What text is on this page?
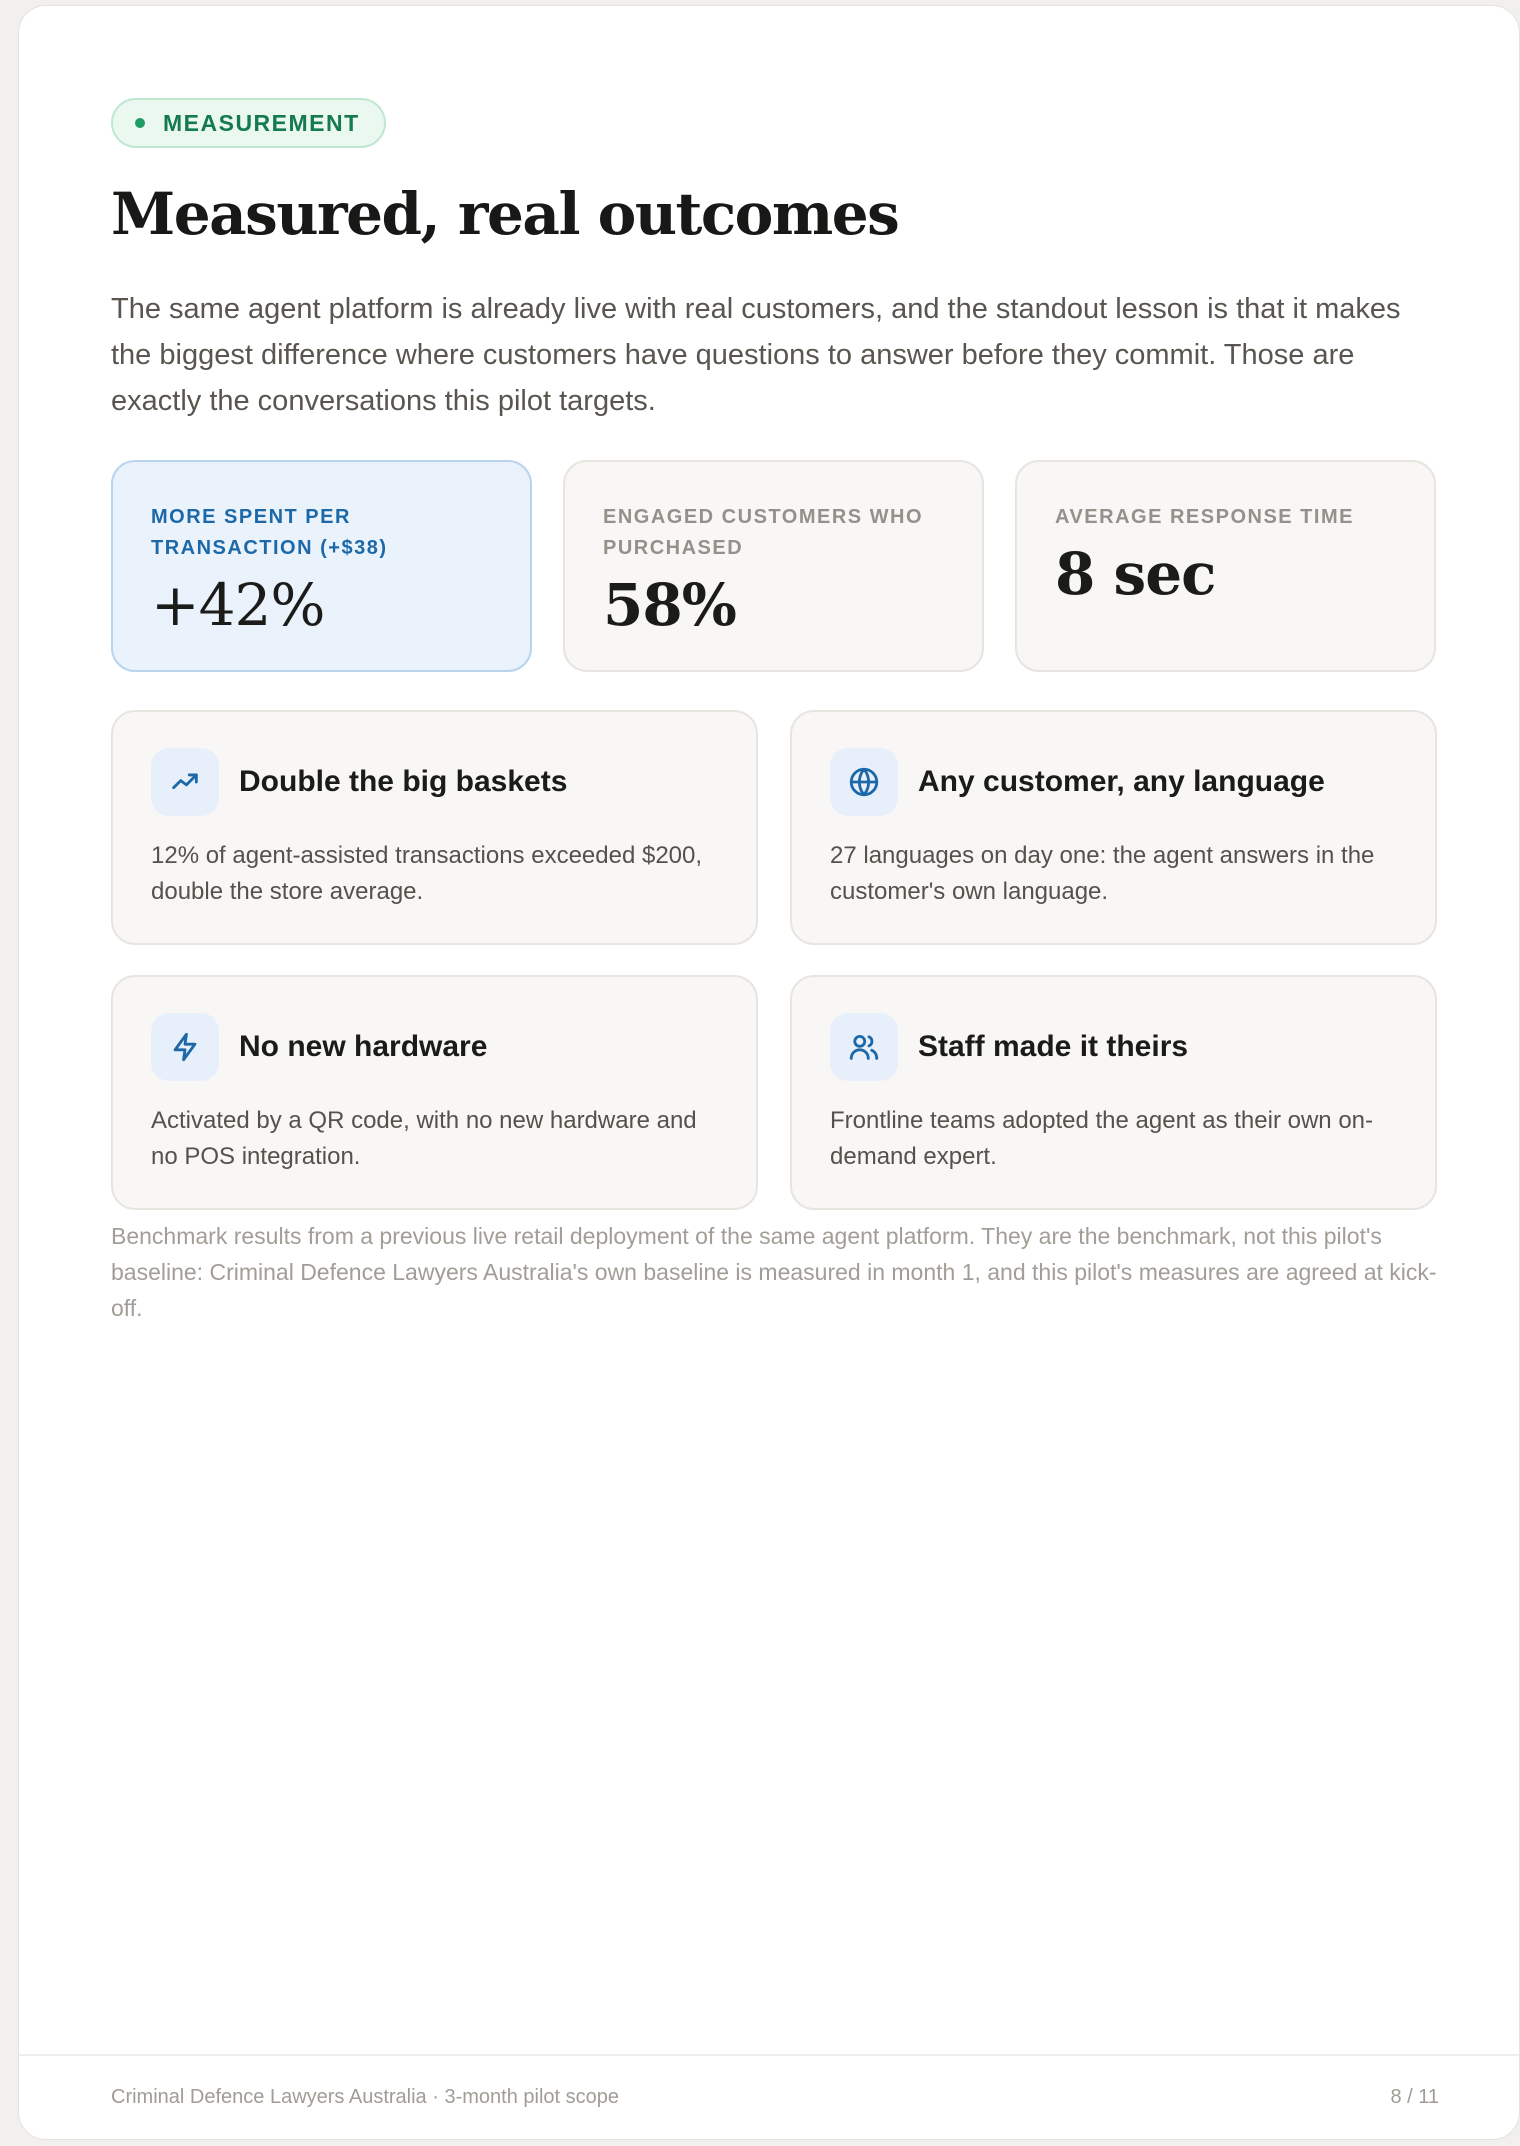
MEASUREMENT
Measured, real outcomes

The same agent platform is already live with real customers, and the standout lesson is that it makes the biggest difference where customers have questions to answer before they commit. Those are exactly the conversations this pilot targets.

MORE SPENT PER TRANSACTION (+$38)
+42%
ENGAGED CUSTOMERS WHO PURCHASED
58%
AVERAGE RESPONSE TIME
8 sec
Double the big baskets
12% of agent-assisted transactions exceeded $200, double the store average.
Any customer, any language
27 languages on day one: the agent answers in the customer's own language.
No new hardware
Activated by a QR code, with no new hardware and no POS integration.
Staff made it theirs
Frontline teams adopted the agent as their own on-demand expert.
Benchmark results from a previous live retail deployment of the same agent platform. They are the benchmark, not this pilot's baseline: Criminal Defence Lawyers Australia's own baseline is measured in month 1, and this pilot's measures are agreed at kick-off.
Criminal Defence Lawyers Australia · 3-month pilot scope	8 / 11
